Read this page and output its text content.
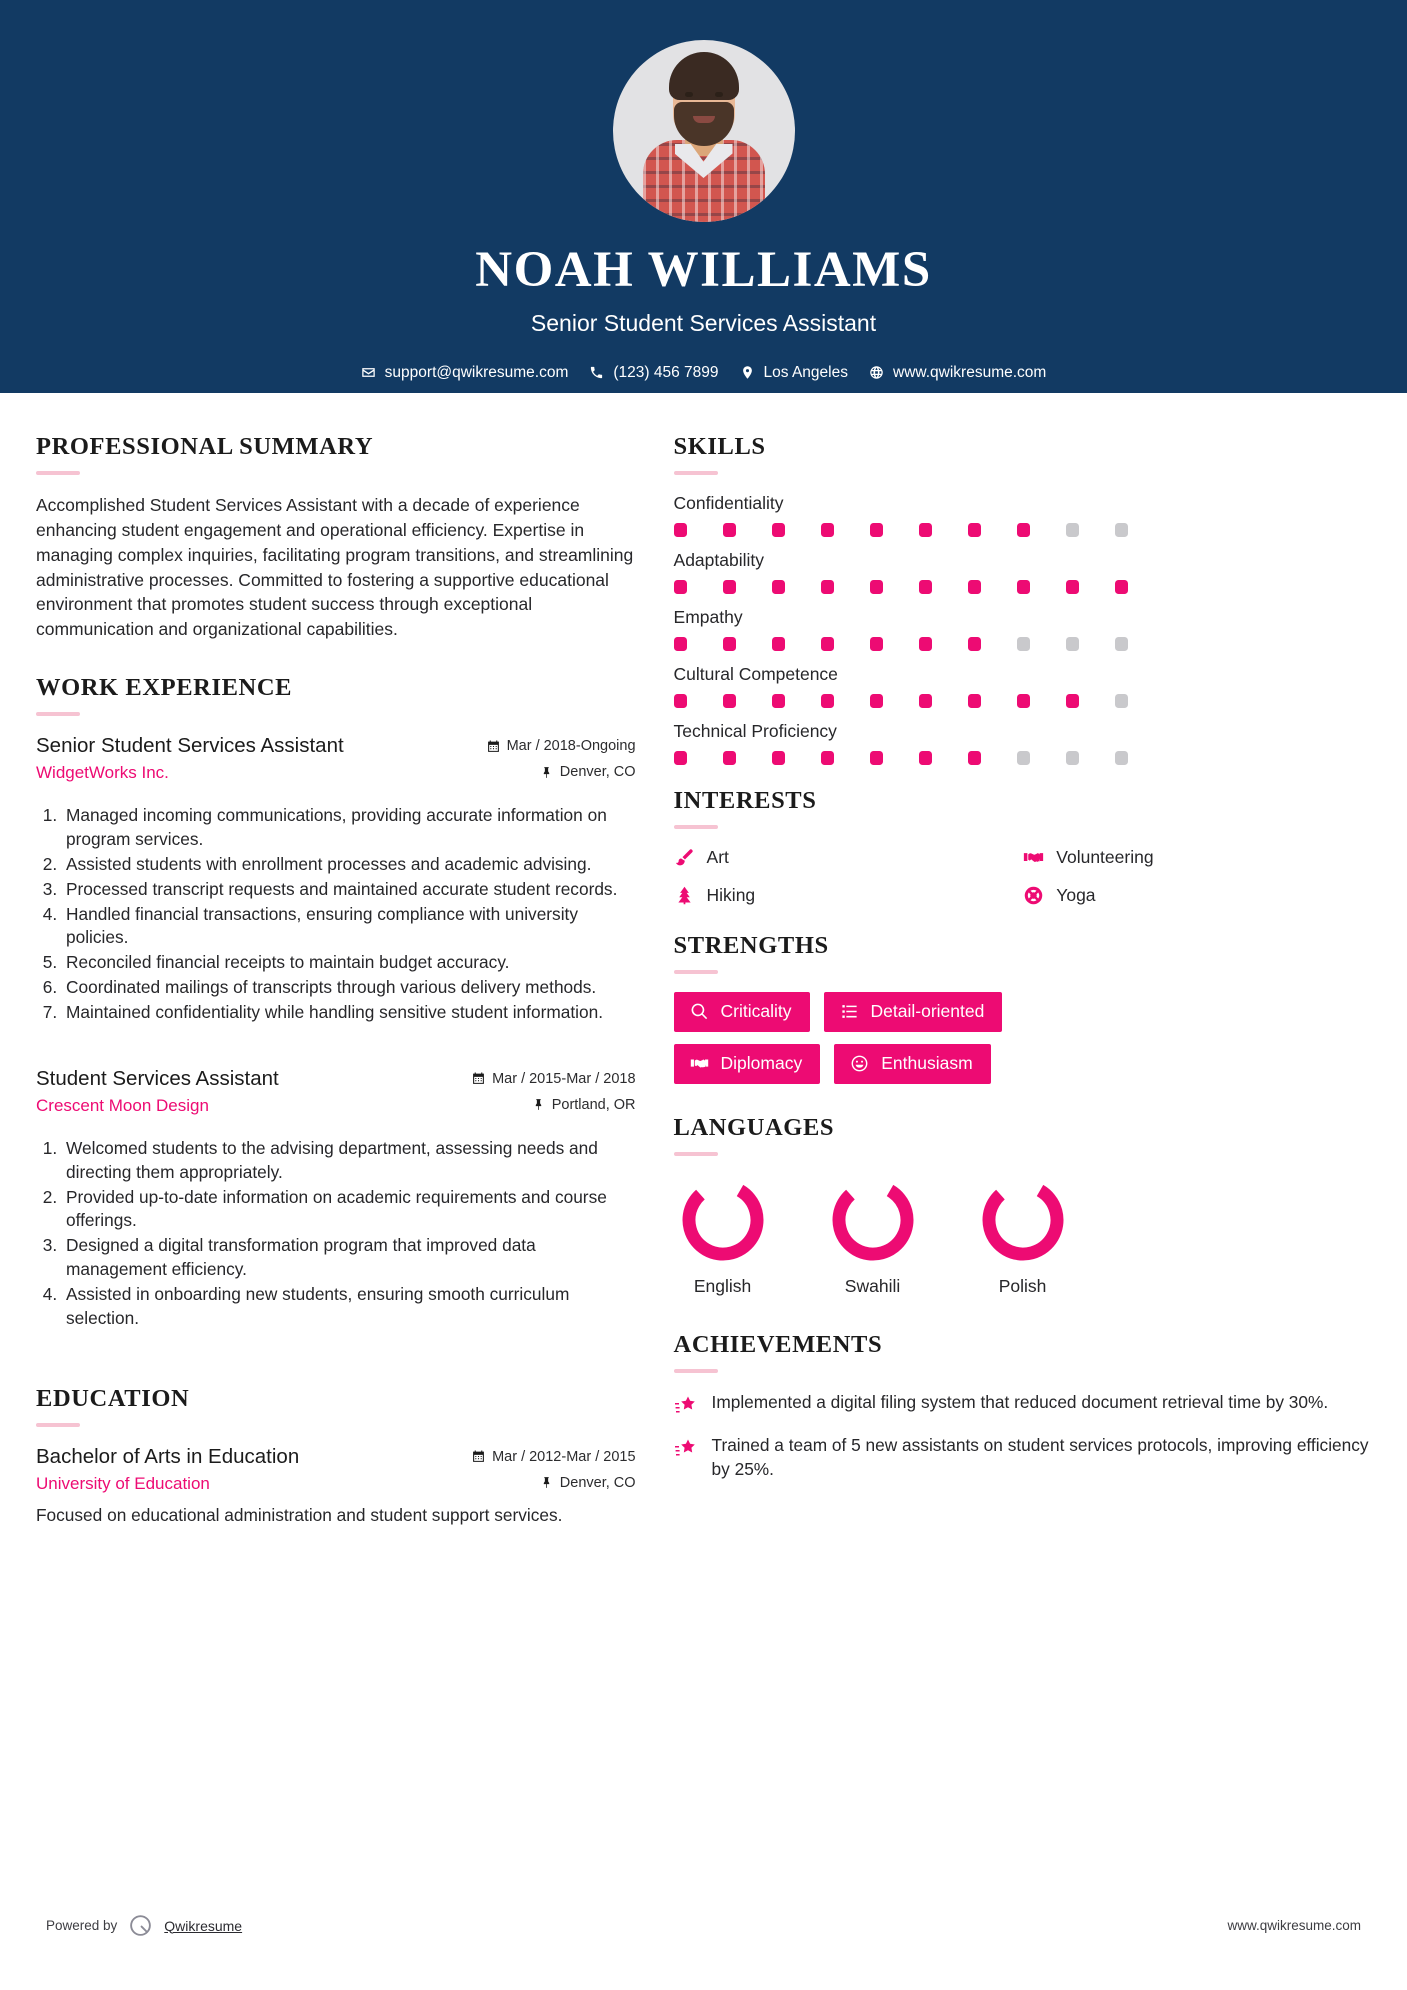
NOAH WILLIAMS
Senior Student Services Assistant
support@qwikresume.com	(123) 456 7899	Los Angeles	www.qwikresume.com
PROFESSIONAL SUMMARY
Accomplished Student Services Assistant with a decade of experience enhancing student engagement and operational efficiency. Expertise in managing complex inquiries, facilitating program transitions, and streamlining administrative processes. Committed to fostering a supportive educational environment that promotes student success through exceptional communication and organizational capabilities.
WORK EXPERIENCE
Senior Student Services Assistant
WidgetWorks Inc.
Mar / 2018-Ongoing
Denver, CO
1. Managed incoming communications, providing accurate information on program services.
2. Assisted students with enrollment processes and academic advising.
3. Processed transcript requests and maintained accurate student records.
4. Handled financial transactions, ensuring compliance with university policies.
5. Reconciled financial receipts to maintain budget accuracy.
6. Coordinated mailings of transcripts through various delivery methods.
7. Maintained confidentiality while handling sensitive student information.
Student Services Assistant
Crescent Moon Design
Mar / 2015-Mar / 2018
Portland, OR
1. Welcomed students to the advising department, assessing needs and directing them appropriately.
2. Provided up-to-date information on academic requirements and course offerings.
3. Designed a digital transformation program that improved data management efficiency.
4. Assisted in onboarding new students, ensuring smooth curriculum selection.
EDUCATION
Bachelor of Arts in Education
University of Education
Mar / 2012-Mar / 2015
Denver, CO
Focused on educational administration and student support services.
SKILLS
Confidentiality
Adaptability
Empathy
Cultural Competence
Technical Proficiency
INTERESTS
Art	Volunteering
Hiking	Yoga
STRENGTHS
Criticality	Detail-oriented
Diplomacy	Enthusiasm
LANGUAGES
English	Swahili	Polish
ACHIEVEMENTS
Implemented a digital filing system that reduced document retrieval time by 30%.
Trained a team of 5 new assistants on student services protocols, improving efficiency by 25%.
Powered by	Qwikresume	www.qwikresume.com
